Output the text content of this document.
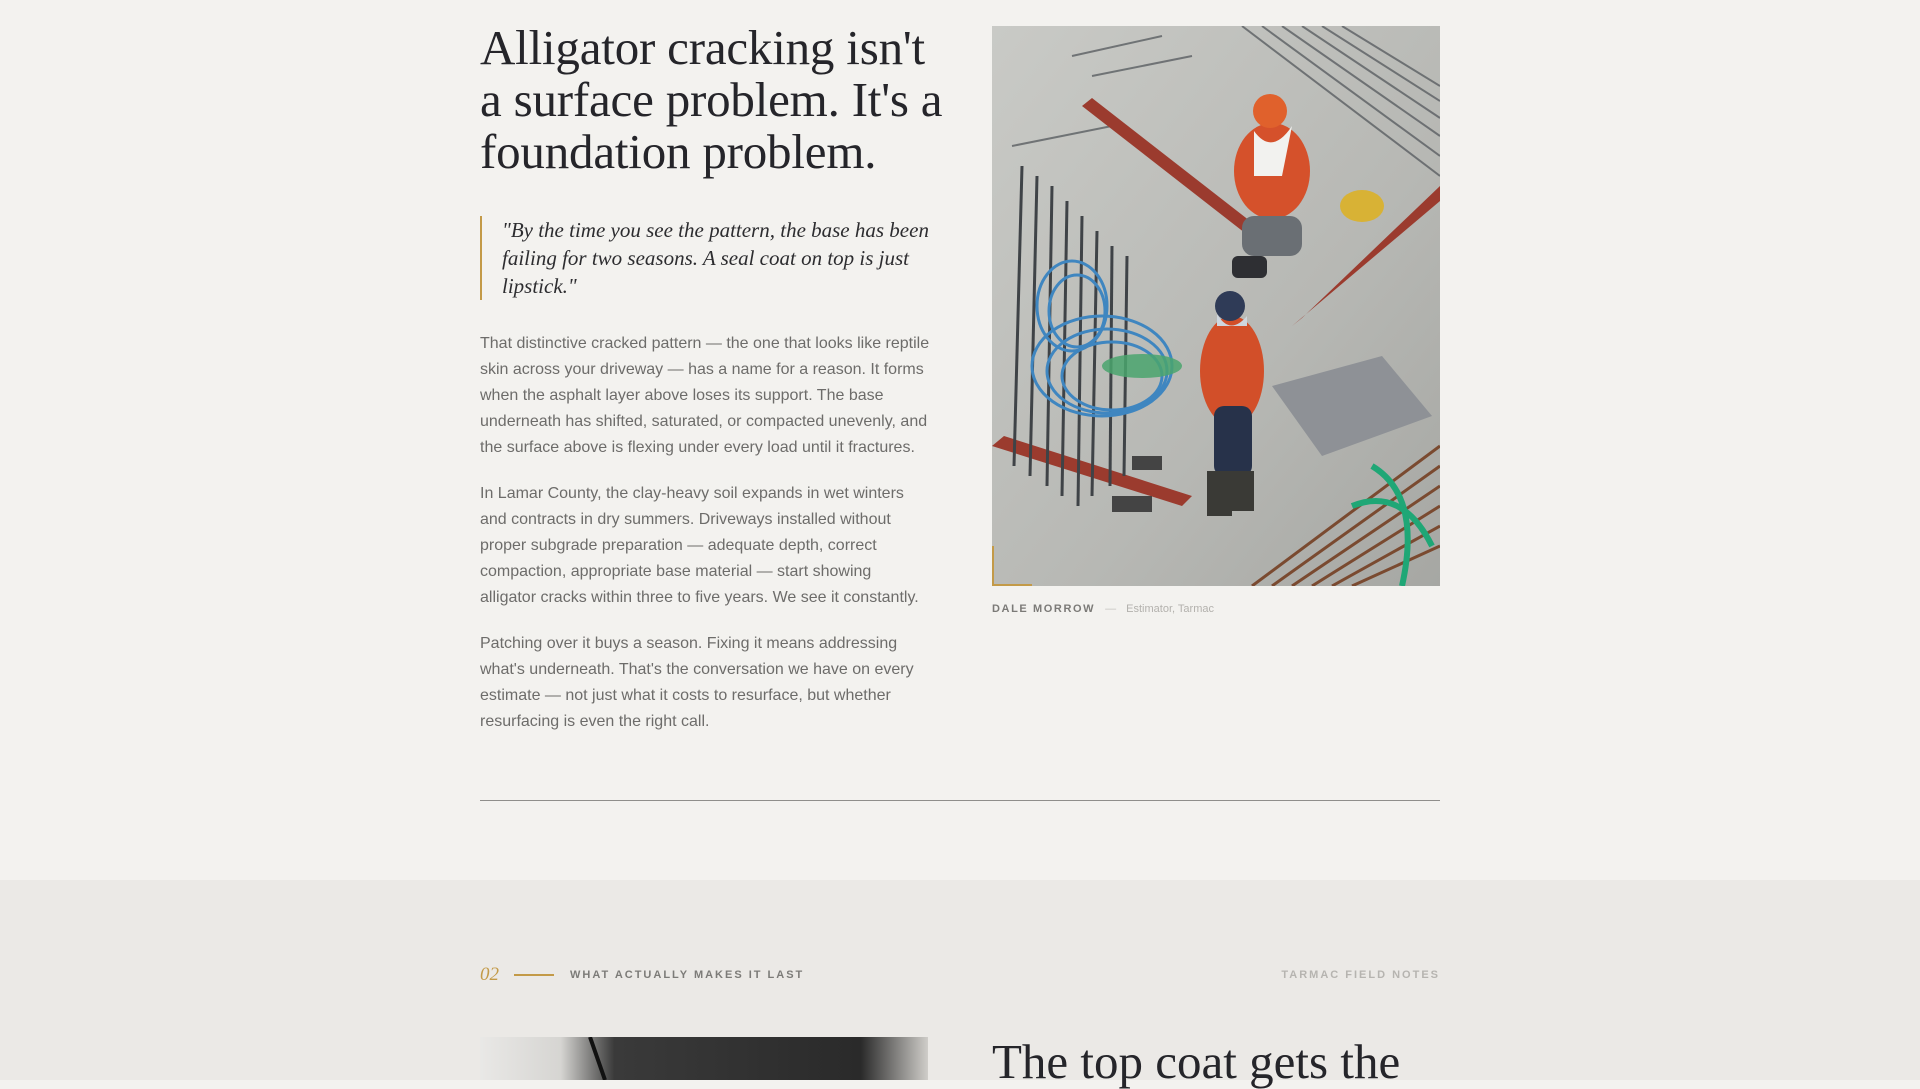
Alligator cracking isn't a surface problem. It's a foundation problem.
"By the time you see the pattern, the base has been failing for two seasons. A seal coat on top is just lipstick."

That distinctive cracked pattern — the one that looks like reptile skin across your driveway — has a name for a reason. It forms when the asphalt layer above loses its support. The base underneath has shifted, saturated, or compacted unevenly, and the surface above is flexing under every load until it fractures.

In Lamar County, the clay-heavy soil expands in wet winters and contracts in dry summers. Driveways installed without proper subgrade preparation — adequate depth, correct compaction, appropriate base material — start showing alligator cracks within three to five years. We see it constantly.

Patching over it buys a season. Fixing it means addressing what's underneath. That's the conversation we have on every estimate — not just what it costs to resurface, but whether resurfacing is even the right call.

DALE MORROW — Estimator, Tarmac
02	WHAT ACTUALLY MAKES IT LAST	TARMAC FIELD NOTES
The top coat gets the
